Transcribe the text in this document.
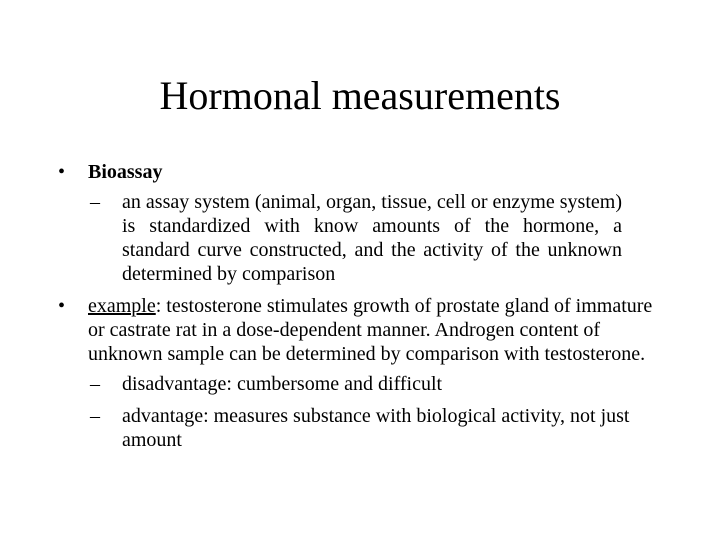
Hormonal measurements
• Bioassay
– an assay system (animal, organ, tissue, cell or enzyme system) is standardized with know amounts of the hormone, a standard curve constructed, and the activity of the unknown determined by comparison
• example: testosterone stimulates growth of prostate gland of immature or castrate rat in a dose-dependent manner. Androgen content of unknown sample can be determined by comparison with testosterone.
– disadvantage: cumbersome and difficult
– advantage: measures substance with biological activity, not just amount
